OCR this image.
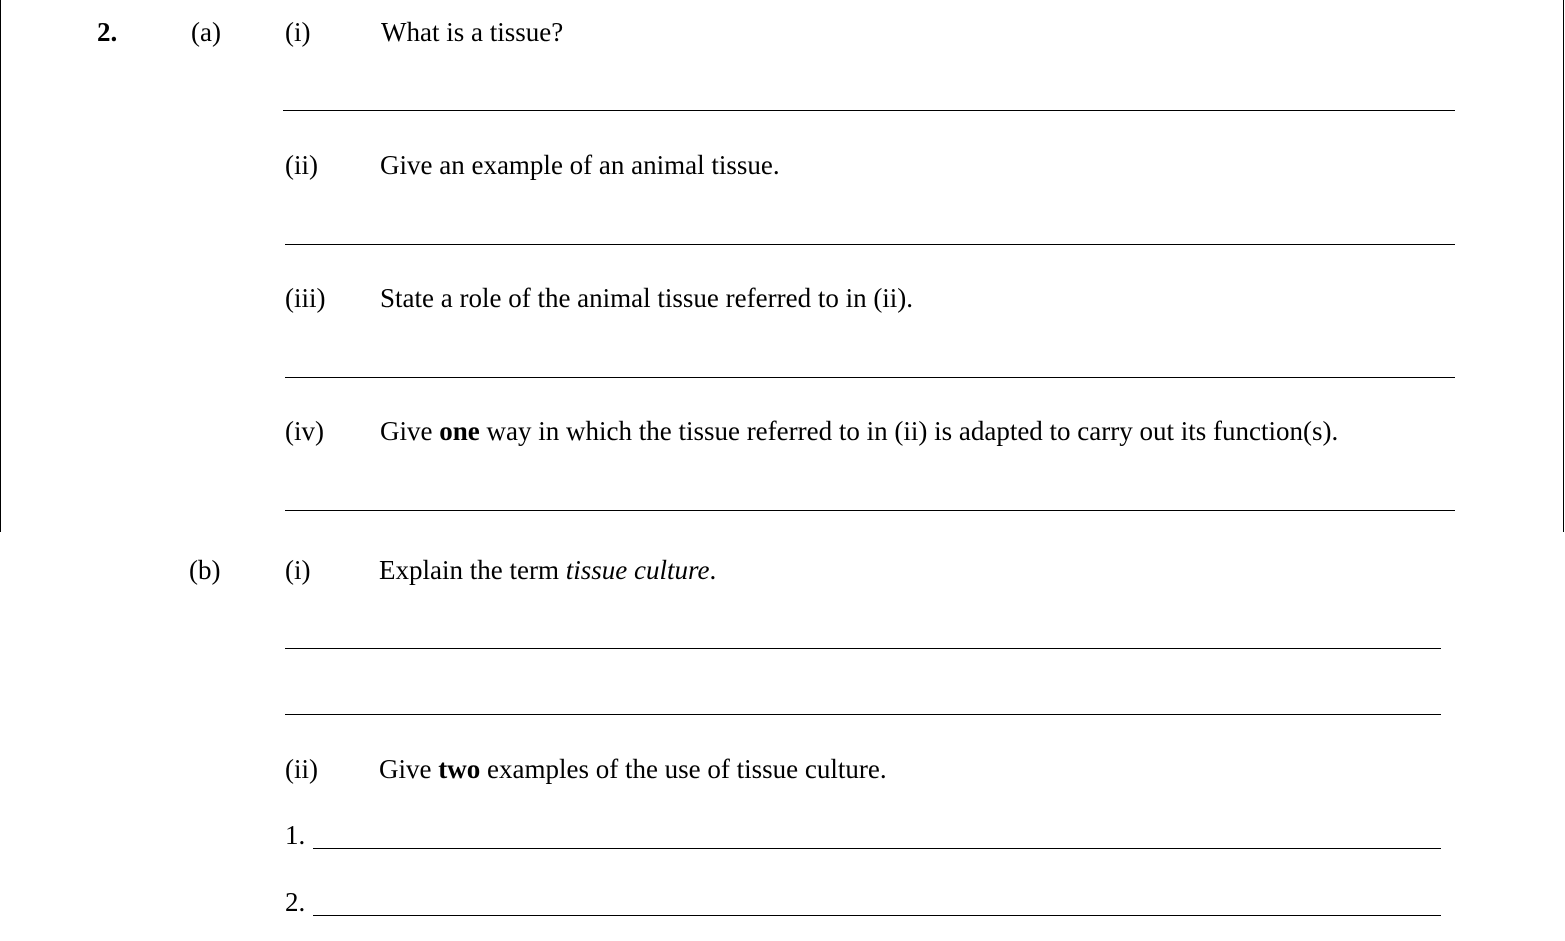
2.	(a) (i)	What is a tissue?
(ii) Give an example of an animal tissue.
(iii) State a role of the animal tissue referred to in (ii).
(iv) Give one way in which the tissue referred to in (ii) is adapted to carry out its function(s).
(b) (i)	Explain the term tissue culture.
(ii) Give two examples of the use of tissue culture.
1.
2.
